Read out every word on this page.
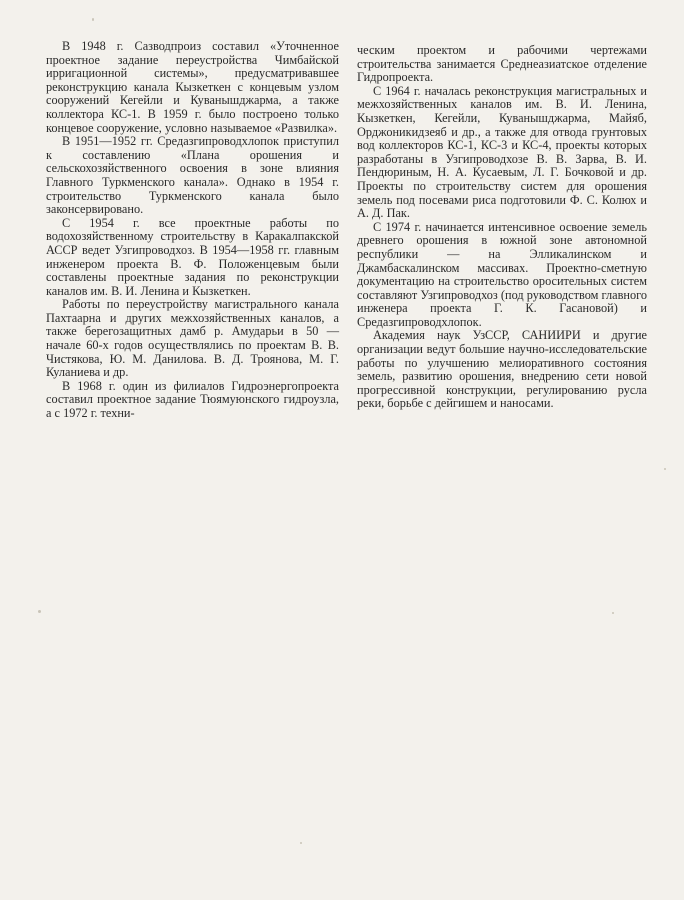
В 1948 г. Сазводпроиз составил «Уточненное проектное задание переустройства Чимбайской ирригационной системы», предусматривавшее реконструкцию канала Кызкеткен с концевым узлом сооружений Кегейли и Куванышджарма, а также коллектора КС-1. В 1959 г. было построено только концевое сооружение, условно называемое «Развилка».

В 1951—1952 гг. Средазгипроводхлопок приступил к составлению «Плана орошения и сельскохозяйственного освоения в зоне влияния Главного Туркменского канала». Однако в 1954 г. строительство Туркменского канала было законсервировано.

С 1954 г. все проектные работы по водохозяйственному строительству в Каракалпакской АССР ведет Узгипроводхоз. В 1954—1958 гг. главным инженером проекта В. Ф. Положенцевым были составлены проектные задания по реконструкции каналов им. В. И. Ленина и Кызкеткен.

Работы по переустройству магистрального канала Пахтаарна и других межхозяйственных каналов, а также берегозащитных дамб р. Амударьи в 50 — начале 60-х годов осуществлялись по проектам В. В. Чистякова, Ю. М. Данилова. В. Д. Троянова, М. Г. Куланиева и др.

В 1968 г. один из филиалов Гидроэнергопроекта составил проектное задание Тюямуюнского гидроузла, а с 1972 г. техни-

ческим проектом и рабочими чертежами строительства занимается Среднеазиатское отделение Гидропроекта.

С 1964 г. началась реконструкция магистральных и межхозяйственных каналов им. В. И. Ленина, Кызкеткен, Кегейли, Куванышджарма, Майяб, Орджоникидзеяб и др., а также для отвода грунтовых вод коллекторов КС-1, КС-3 и КС-4, проекты которых разработаны в Узгипроводхозе В. В. Зарва, В. И. Пендюриным, Н. А. Кусаевым, Л. Г. Бочковой и др. Проекты по строительству систем для орошения земель под посевами риса подготовили Ф. С. Колюх и А. Д. Пак.

С 1974 г. начинается интенсивное освоение земель древнего орошения в южной зоне автономной республики — на Элликалинском и Джамбаскалинском массивах. Проектно-сметную документацию на строительство оросительных систем составляют Узгипроводхоз (под руководством главного инженера проекта Г. К. Гасановой) и Средазгипроводхлопок.

Академия наук УзССР, САНИИРИ и другие организации ведут большие научно-исследовательские работы по улучшению мелиоративного состояния земель, развитию орошения, внедрению сети новой прогрессивной конструкции, регулированию русла реки, борьбе с дейгишем и наносами.
